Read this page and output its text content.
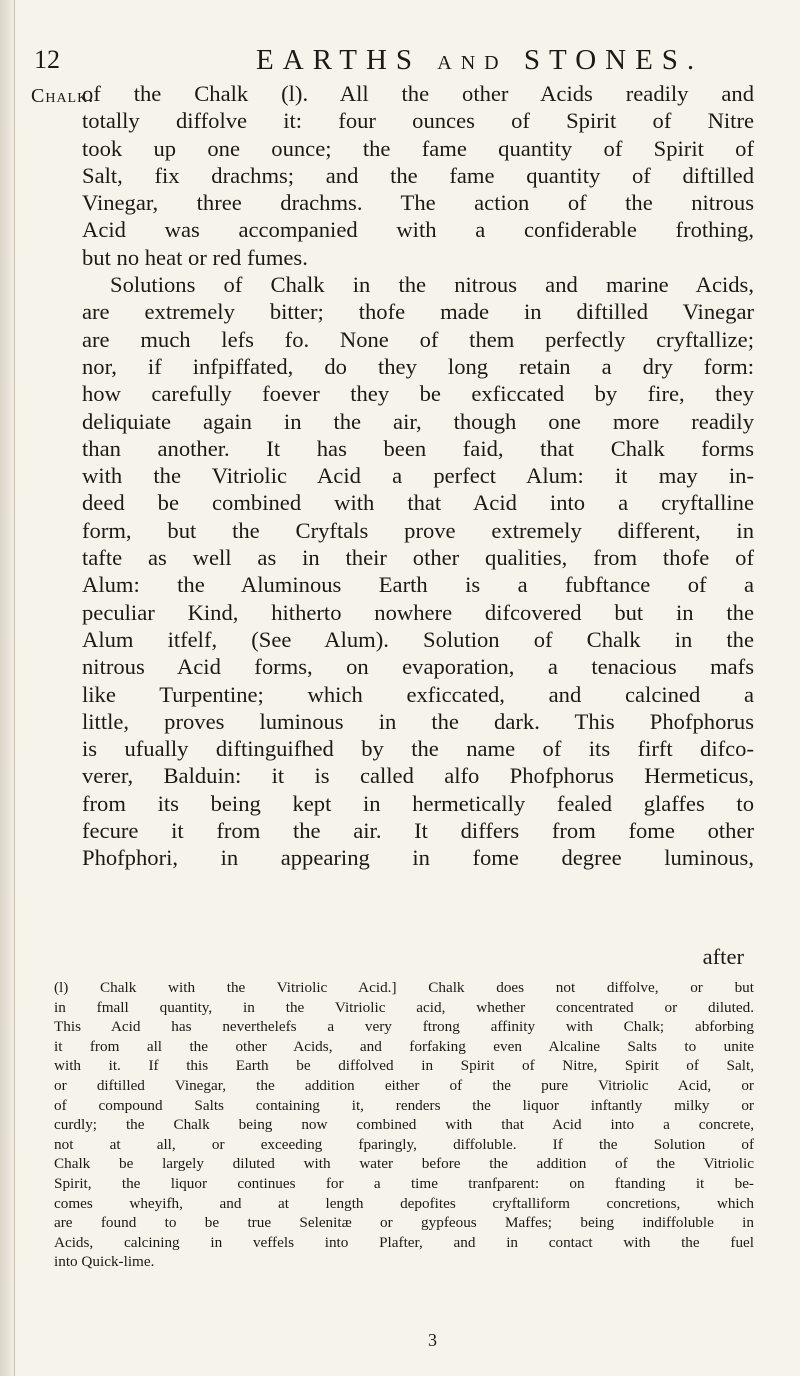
12	EARTHS and STONES.
Chalk.
of the Chalk (l). All the other Acids readily and
totally diffolve it: four ounces of Spirit of Nitre
took up one ounce; the fame quantity of Spirit of
Salt, fix drachms; and the fame quantity of diftilled
Vinegar, three drachms. The action of the nitrous
Acid was accompanied with a confiderable frothing,
but no heat or red fumes.
Solutions of Chalk in the nitrous and marine Acids,
are extremely bitter; thofe made in diftilled Vinegar
are much lefs fo. None of them perfectly cryftallize;
nor, if infpiffated, do they long retain a dry form:
how carefully foever they be exficcated by fire, they
deliquiate again in the air, though one more readily
than another. It has been faid, that Chalk forms
with the Vitriolic Acid a perfect Alum: it may in-
deed be combined with that Acid into a cryftalline
form, but the Cryftals prove extremely different, in
tafte as well as in their other qualities, from thofe of
Alum: the Aluminous Earth is a fubftance of a
peculiar Kind, hitherto nowhere difcovered but in the
Alum itfelf, (See Alum). Solution of Chalk in the
nitrous Acid forms, on evaporation, a tenacious mafs
like Turpentine; which exficcated, and calcined a
little, proves luminous in the dark. This Phofphorus
is ufually diftinguifhed by the name of its firft difco-
verer, Balduin: it is called alfo Phofphorus Hermeticus,
from its being kept in hermetically fealed glaffes to
fecure it from the air. It differs from fome other
Phofphori, in appearing in fome degree luminous,
after
(l) Chalk with the Vitriolic Acid.] Chalk does not diffolve, or but
in fmall quantity, in the Vitriolic acid, whether concentrated or diluted.
This Acid has neverthelefs a very ftrong affinity with Chalk; abforbing
it from all the other Acids, and forfaking even Alcaline Salts to unite
with it. If this Earth be diffolved in Spirit of Nitre, Spirit of Salt,
or diftilled Vinegar, the addition either of the pure Vitriolic Acid, or
of compound Salts containing it, renders the liquor inftantly milky or
curdly; the Chalk being now combined with that Acid into a concrete,
not at all, or exceeding fparingly, diffoluble. If the Solution of
Chalk be largely diluted with water before the addition of the Vitriolic
Spirit, the liquor continues for a time tranfparent: on ftanding it be-
comes wheyifh, and at length depofites cryftalliform concretions, which
are found to be true Selenitæ or gypfeous Maffes; being indiffoluble in
Acids, calcining in veffels into Plafter, and in contact with the fuel
into Quick-lime.
3
